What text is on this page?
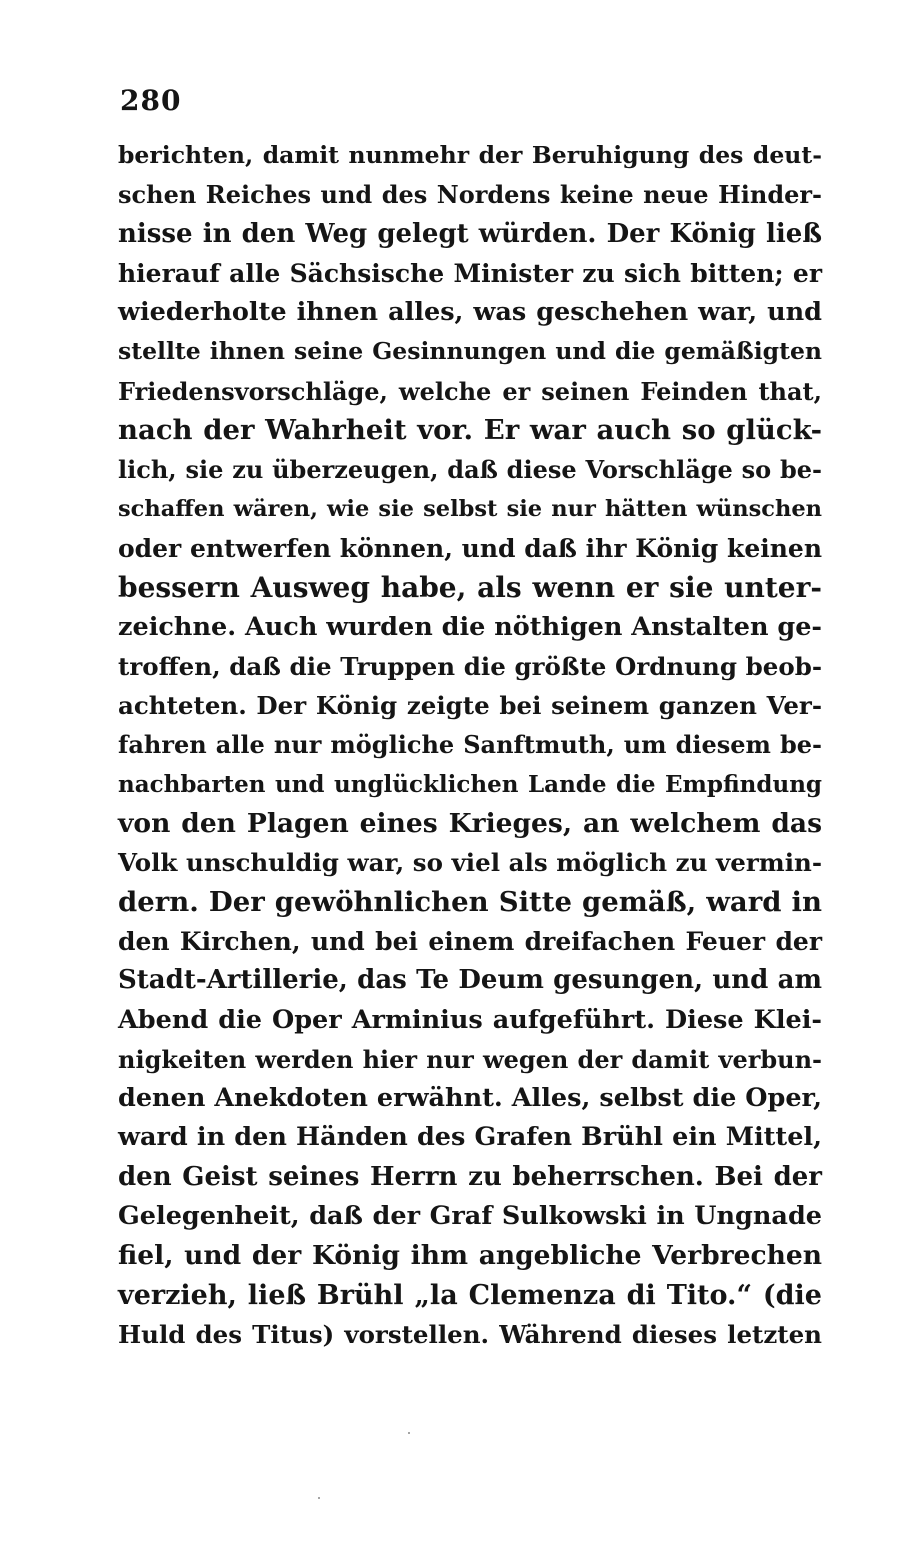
280
berichten, damit nunmehr der Beruhigung des deut-
schen Reiches und des Nordens keine neue Hinder-
nisse in den Weg gelegt würden. Der König ließ
hierauf alle Sächsische Minister zu sich bitten; er
wiederholte ihnen alles, was geschehen war, und
stellte ihnen seine Gesinnungen und die gemäßigten
Friedensvorschläge, welche er seinen Feinden that,
nach der Wahrheit vor. Er war auch so glück-
lich, sie zu überzeugen, daß diese Vorschläge so be-
schaffen wären, wie sie selbst sie nur hätten wünschen
oder entwerfen können, und daß ihr König keinen
bessern Ausweg habe, als wenn er sie unter-
zeichne. Auch wurden die nöthigen Anstalten ge-
troffen, daß die Truppen die größte Ordnung beob-
achteten. Der König zeigte bei seinem ganzen Ver-
fahren alle nur mögliche Sanftmuth, um diesem be-
nachbarten und unglücklichen Lande die Empfindung
von den Plagen eines Krieges, an welchem das
Volk unschuldig war, so viel als möglich zu vermin-
dern. Der gewöhnlichen Sitte gemäß, ward in
den Kirchen, und bei einem dreifachen Feuer der
Stadt-Artillerie, das Te Deum gesungen, und am
Abend die Oper Arminius aufgeführt. Diese Klei-
nigkeiten werden hier nur wegen der damit verbun-
denen Anekdoten erwähnt. Alles, selbst die Oper,
ward in den Händen des Grafen Brühl ein Mittel,
den Geist seines Herrn zu beherrschen. Bei der
Gelegenheit, daß der Graf Sulkowski in Ungnade
fiel, und der König ihm angebliche Verbrechen
verzieh, ließ Brühl „la Clemenza di Tito.“ (die
Huld des Titus) vorstellen. Während dieses letzten
